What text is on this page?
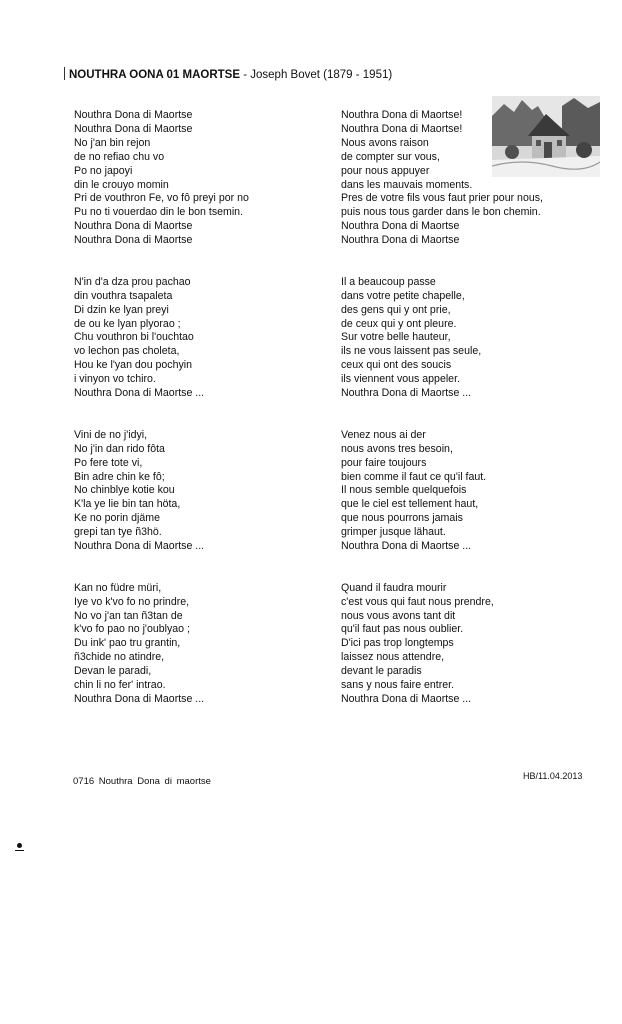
NOUTHRA OONA 01 MAORTSE - Joseph Bovet (1879 - 1951)
Nouthra Dona di Maortse
Nouthra Dona di Maortse
No j'an bin rejon
de no refiao chu vo
Po no japoyi
din le crouyo momin
Pri de vouthron Fe, vo fô preyi por no
Pu no ti vouerdao din le bon tsemin.
Nouthra Dona di Maortse
Nouthra Dona di Maortse
N'in d'a dza prou pachao
din vouthra tsapaleta
Di dzin ke lyan preyi
de ou ke lyan plyorao ;
Chu vouthron bi l'ouchtao
vo lechon pas choleta,
Hou ke l'yan dou pochyin
i vinyon vo tchiro.
Nouthra Dona di Maortse ...
Vini de no j'idyi,
No j'in dan rido fôta
Po fere tote vi,
Bin adre chin ke fô;
No chinblye kotie kou
K'la ye lie bin tan höta,
Ke no porin djäme
grepi tan tye ñ3hö.
Nouthra Dona di Maortse ...
Kan no füdre müri,
Iye vo k'vo fo no prindre,
No vo j'an tan ñ3tan de
k'vo fo pao no j'oublyao ;
Du ink' pao tru grantin,
ñ3chide no atindre,
Devan le paradi,
chin li no fer' intrao.
Nouthra Dona di Maortse ...
Nouthra Dona di Maortse!
Nouthra Dona di Maortse!
Nous avons raison
de compter sur vous,
pour nous appuyer
dans les mauvais moments.
Pres de votre fils vous faut prier pour nous,
puis nous tous garder dans le bon chemin.
Nouthra Dona di Maortse
Nouthra Dona di Maortse
Il a beaucoup passe
dans votre petite chapelle,
des gens qui y ont prie,
de ceux qui y ont pleure.
Sur votre belle hauteur,
ils ne vous laissent pas seule,
ceux qui ont des soucis
ils viennent vous appeler.
Nouthra Dona di Maortse ...
Venez nous ai der
nous avons tres besoin,
pour faire toujours
bien comme il faut ce qu'il faut.
Il nous semble quelquefois
que le ciel est tellement haut,
que nous pourrons jamais
grimper jusque lähaut.
Nouthra Dona di Maortse ...
Quand il faudra mourir
c'est vous qui faut nous prendre,
nous vous avons tant dit
qu'il faut pas nous oublier.
D'ici pas trop longtemps
laissez nous attendre,
devant le paradis
sans y nous faire entrer.
Nouthra Dona di Maortse ...
0716 Nouthra Dona di maortse	HB/11.04.2013
